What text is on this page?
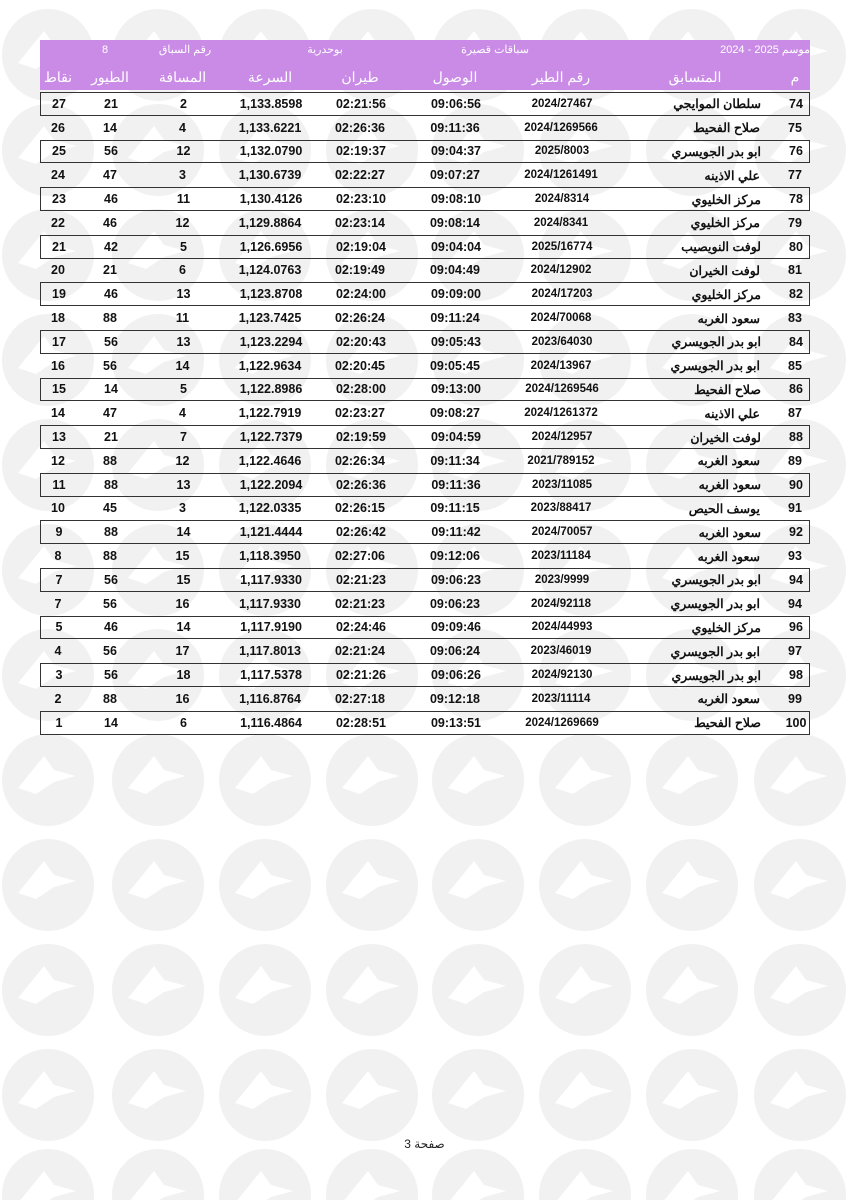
موسم 2025 - 2024
سباقات قصيرة
بوحدرية
رقم السباق
8
م
المتسابق
رقم الطير
الوصول
طيران
السرعة
المسافة
الطيور
نقاط
74
سلطان الموايجي
2024/27467
09:06:56
02:21:56
1,133.8598
2
21
27
75
صلاح الفحيط
2024/1269566
09:11:36
02:26:36
1,133.6221
4
14
26
76
ابو بدر الجويسري
2025/8003
09:04:37
02:19:37
1,132.0790
12
56
25
77
علي الاذينه
2024/1261491
09:07:27
02:22:27
1,130.6739
3
47
24
78
مركز الخليوي
2024/8314
09:08:10
02:23:10
1,130.4126
11
46
23
79
مركز الخليوي
2024/8341
09:08:14
02:23:14
1,129.8864
12
46
22
80
لوفت النويصيب
2025/16774
09:04:04
02:19:04
1,126.6956
5
42
21
81
لوفت الخيران
2024/12902
09:04:49
02:19:49
1,124.0763
6
21
20
82
مركز الخليوي
2024/17203
09:09:00
02:24:00
1,123.8708
13
46
19
83
سعود الغربه
2024/70068
09:11:24
02:26:24
1,123.7425
11
88
18
84
ابو بدر الجويسري
2023/64030
09:05:43
02:20:43
1,123.2294
13
56
17
85
ابو بدر الجويسري
2024/13967
09:05:45
02:20:45
1,122.9634
14
56
16
86
صلاح الفحيط
2024/1269546
09:13:00
02:28:00
1,122.8986
5
14
15
87
علي الاذينه
2024/1261372
09:08:27
02:23:27
1,122.7919
4
47
14
88
لوفت الخيران
2024/12957
09:04:59
02:19:59
1,122.7379
7
21
13
89
سعود الغربه
2021/789152
09:11:34
02:26:34
1,122.4646
12
88
12
90
سعود الغربه
2023/11085
09:11:36
02:26:36
1,122.2094
13
88
11
91
يوسف الحيص
2023/88417
09:11:15
02:26:15
1,122.0335
3
45
10
92
سعود الغربه
2024/70057
09:11:42
02:26:42
1,121.4444
14
88
9
93
سعود الغربه
2023/11184
09:12:06
02:27:06
1,118.3950
15
88
8
94
ابو بدر الجويسري
2023/9999
09:06:23
02:21:23
1,117.9330
15
56
7
94
ابو بدر الجويسري
2024/92118
09:06:23
02:21:23
1,117.9330
16
56
7
96
مركز الخليوي
2024/44993
09:09:46
02:24:46
1,117.9190
14
46
5
97
ابو بدر الجويسري
2023/46019
09:06:24
02:21:24
1,117.8013
17
56
4
98
ابو بدر الجويسري
2024/92130
09:06:26
02:21:26
1,117.5378
18
56
3
99
سعود الغربه
2023/11114
09:12:18
02:27:18
1,116.8764
16
88
2
100
صلاح الفحيط
2024/1269669
09:13:51
02:28:51
1,116.4864
6
14
1
صفحة 3
